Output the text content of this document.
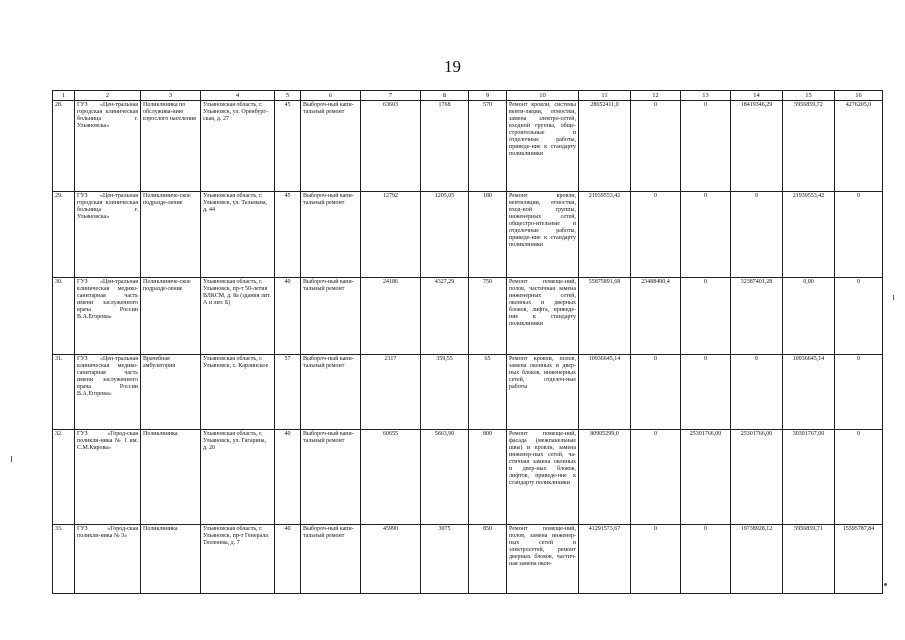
19
1	2	3	4	5	6	7	8	9	10	11	12	13	14	15	16
28.	ГУЗ «Цен-тральная городская клиническая больница г. Ульяновска»	Поликлиника по обслужива-нию взрослого населения	Ульяновская область, г. Ульяновск, ул. Оренбург-ская, д. 27	45	Выбороч-ный капи-тальный ремонт	63603	1768	570	Ремонт кровли, системы венти-ляции, отмостки, замена электро-сетей, входной группы, обще-строительные и отделочные работы, приведе-ние к стандарту поликлиники	28652411,0	0	0	18419346,29	5956859,72	4276205,0
29.	ГУЗ «Цен-тральная городская клиническая больница г. Ульяновска»	Поликлиниче-ское подразде-ление	Ульяновская область, г. Ульяновск, ул. Тельмана, д. 44	45	Выбороч-ный капи-тальный ремонт	12792	1205,05	180	Ремонт кровли, вентиляции, отмостки, вход-ной группы, инженерных сетей, общестро-ительные и отделочные работы, приведе-ние к стандарту поликлиники	21939553,42	0	0	0	21939553,42	0
30.	ГУЗ «Цен-тральная клиническая медико-санитарная часть имени заслуженного врача России В.А.Егорова»	Поликлиниче-ское подразде-ление	Ульяновская область, г. Ульяновск, пр-т 50-летия ВЛКСМ, д. 8а (здания лит. А и лит. Б)	40	Выбороч-ный капи-тальный ремонт	24186	4327,29	750	Ремонт помеще-ний, полов, частичная замена инженерных сетей, оконных и дверных блоков, лифта, приведе-ние к стандарту поликлиники	55875891,68	23488490,4	0	32387401,28	0,00	0
31.	ГУЗ «Цен-тральная клиническая медико-санитарная часть имени заслуженного врача России В.А.Егорова»	Врачебная амбулатория	Ульяновская область, г. Ульяновск, с. Карлинское	57	Выбороч-ный капи-тальный ремонт	2117	359,55	65	Ремонт кровли, полов, замена оконных и двер-ных блоков, инженерных сетей, отделоч-ные работы	10936645,14	0	0	0	10936645,14	0
32.	ГУЗ «Город-ская поликли-ника № 1 им. С.М.Кирова»	Поликлиника	Ульяновская область, г. Ульяновск, ул. Гагарина, д. 20	40	Выбороч-ный капи-тальный ремонт	60655	5663,90	800	Ремонт помеще-ний, фасада (межпанельные швы) и кровли, замена инженер-ных сетей, ча-стичная замена оконных и двер-ных блоков, лифтов, приведе-ние к стандарту поликлиники	80905299,0	0	25301766,00	25301766,00	30301767,00	0
33.	ГУЗ «Город-ская поликли-ника № 3»	Поликлиника	Ульяновская область, г. Ульяновск, пр-т Генерала Тюленева, д. 7	40	Выбороч-ный капи-тальный ремонт	45990	3075	850	Ремонт помеще-ний, полов, замена инженер-ных сетей и электросетей, ремонт дверных блоков, частич-ная замена окон-	41291573,67	0	0	19738928,12	5956859,71	15595787,84
